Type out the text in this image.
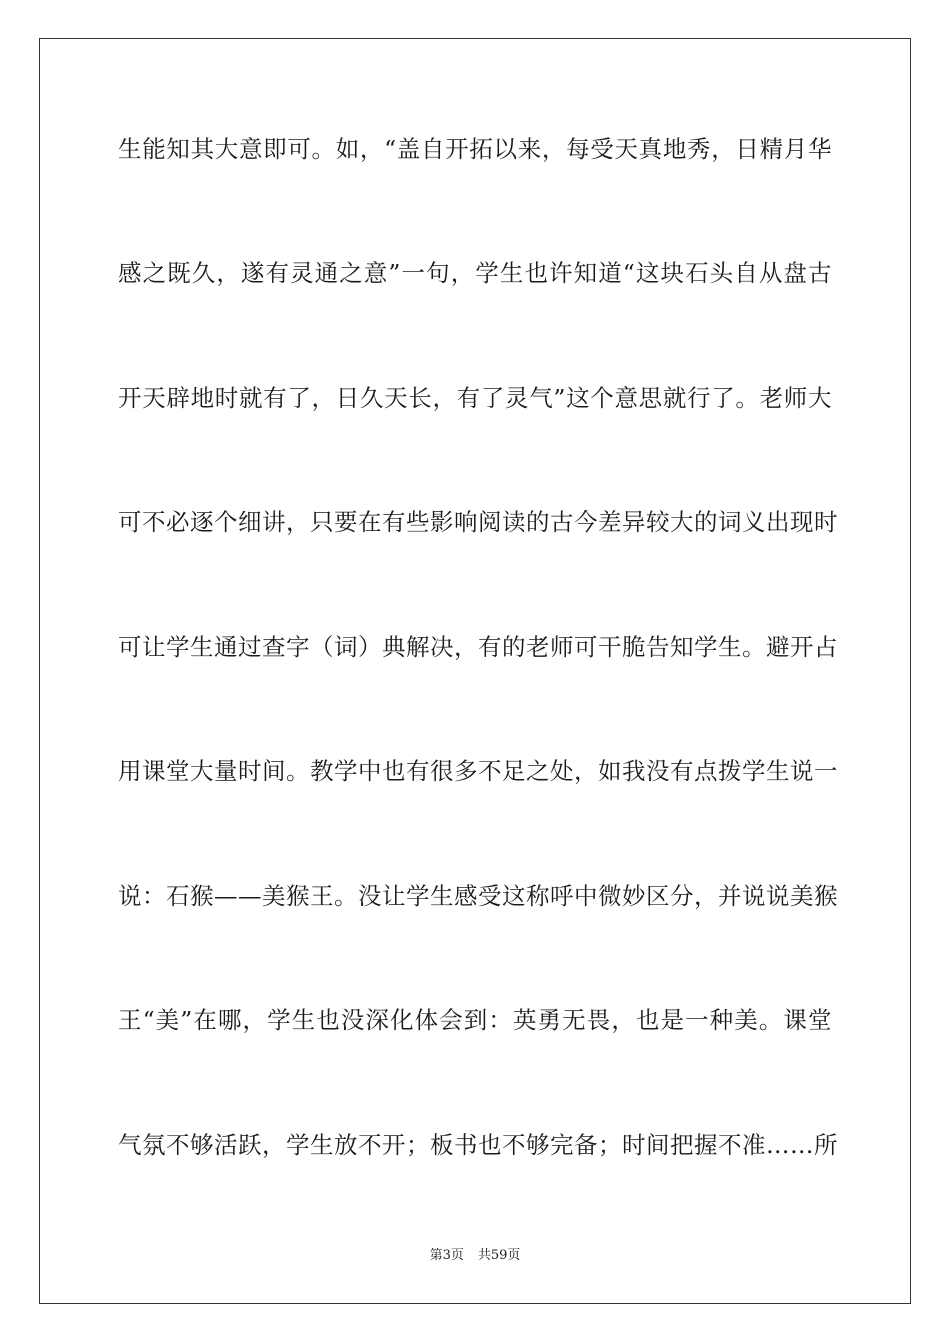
生能知其大意即可。如，“盖自开拓以来，每受天真地秀，日精月华
感之既久，遂有灵通之意”一句，学生也许知道“这块石头自从盘古
开天辟地时就有了，日久天长，有了灵气”这个意思就行了。老师大
可不必逐个细讲，只要在有些影响阅读的古今差异较大的词义出现时
可让学生通过查字（词）典解决，有的老师可干脆告知学生。避开占
用课堂大量时间。教学中也有很多不足之处，如我没有点拨学生说一
说：石猴——美猴王。没让学生感受这称呼中微妙区分，并说说美猴
王“美”在哪，学生也没深化体会到：英勇无畏，也是一种美。课堂
气氛不够活跃，学生放不开；板书也不够完备；时间把握不准……所
第3页 共59页
